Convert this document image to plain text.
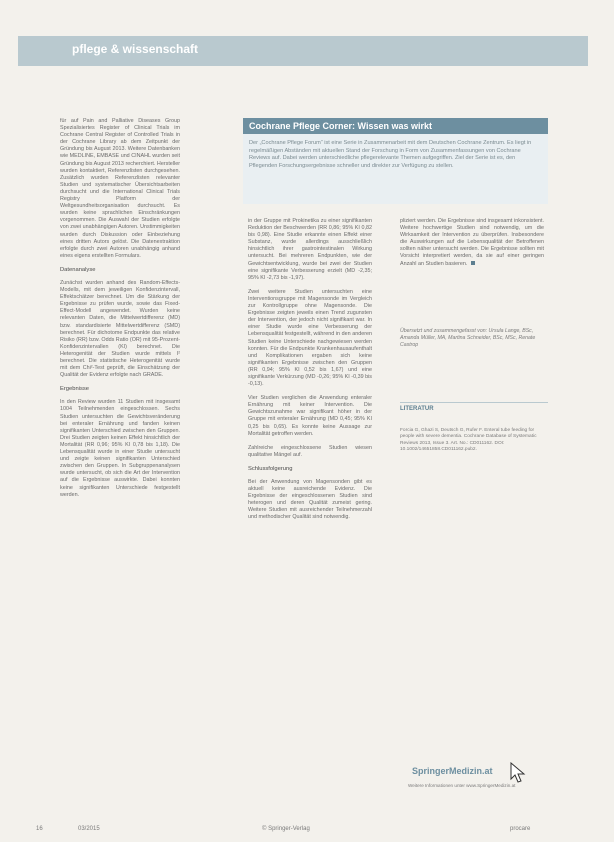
pflege & wissenschaft

für auf Pain and Palliative Diseases Group Spezialisiertes Register of Clinical Trials im Cochrane Central Register of Controlled Trials in der Cochrane Library ab dem Zeitpunkt der Gründung bis August 2013. Weitere Datenbanken wie MEDLINE, EMBASE und CINAHL wurden seit Gründung bis August 2013 recherchiert. Hersteller wurden kontaktiert, Referenzlisten durchgesehen. Zusätzlich wurden Referenzlisten relevanter Studien und systematischer Übersichtsarbeiten durchsucht und die International Clinical Trials Registry Platform der Weltgesundheitsorganisation durchsucht. Es wurden keine sprachlichen Einschränkungen vorgenommen. Die Auswahl der Studien erfolgte von zwei unabhängigen Autoren. Unstimmigkeiten wurden durch Diskussion oder Einbeziehung eines dritten Autors gelöst. Die Datenextraktion erfolgte durch zwei Autoren unabhängig anhand eines eigens erstellten Formulars.

Datenanalyse

Zunächst wurden anhand des Random-Effects-Modells, mit dem jeweiligen Konfidenzintervall, Effektschätzer berechnet. Um die Stärkung der Ergebnisse zu prüfen wurde, sowie das Fixed-Effect-Modell angewendet. Wurden keine relevanten Daten, die Mittelwertdifferenz (MD) bzw. standardisierte Mittelwertdifferenz (SMD) berechnet. Für dichotome Endpunkte das relative Risiko (RR) bzw. Odds Ratio (OR) mit 95-Prozent-Konfidenzintervallen (KI) berechnet. Die Heterogenität der Studien wurde mittels I² berechnet. Die statistische Heterogenität wurde mit dem Chi²-Test geprüft, die Einschätzung der Qualität der Evidenz erfolgte nach GRADE.

Ergebnisse

In den Review wurden 11 Studien mit insgesamt 1004 Teilnehmenden eingeschlossen. Sechs Studien untersuchten die Gewichtsveränderung bei enteraler Ernährung und fanden keinen signifikanten Unterschied zwischen den Gruppen. Drei Studien zeigten keinen Effekt hinsichtlich der Mortalität (RR 0,96; 95% KI 0,78 bis 1,18). Die Lebensqualität wurde in einer Studie untersucht und zeigte keinen signifikanten Unterschied zwischen den Gruppen. In Subgruppenanalysen wurde untersucht, ob sich die Art der Intervention auf die Ergebnisse auswirkte. Dabei konnten keine signifikanten Unterschiede festgestellt werden.

Cochrane Pflege Corner: Wissen was wirkt
Der „Cochrane Pflege Forum“ ist eine Serie in Zusammenarbeit mit dem Deutschen Cochrane Zentrum. Es liegt in regelmäßigen Abständen mit aktuellen Stand der Forschung in Form von Zusammenfassungen von Cochrane Reviews auf. Dabei werden unterschiedliche pflegerelevante Themen aufgegriffen. Ziel der Serie ist es, den Pflegenden Forschungsergebnisse schneller und direkter zur Verfügung zu stellen.

in der Gruppe mit Prokinetika zu einer signifikanten Reduktion der Beschwerden (RR 0,86; 95% KI 0,82 bis 0,98). Eine Studie erkannte einen Effekt einer Substanz, wurde allerdings ausschließlich hinsichtlich ihrer gastrointestinalen Wirkung untersucht. Bei mehreren Endpunkten, wie der Gewichtsentwicklung, wurde bei zwei der Studien eine signifikante Verbesserung erzielt (MD -2,35; 95% KI -2,73 bis -1,97).

Zwei weitere Studien untersuchten eine Interventionsgruppe mit Magensonde im Vergleich zur Kontrollgruppe ohne Magensonde. Die Ergebnisse zeigten jeweils einen Trend zugunsten der Intervention, der jedoch nicht signifikant war. In einer Studie wurde eine Verbesserung der Lebensqualität festgestellt, während in den anderen Studien keine Unterschiede nachgewiesen werden konnten. Für die Endpunkte Krankenhausaufenthalt und Komplikationen ergaben sich keine signifikanten Ergebnisse zwischen den Gruppen (RR 0,94; 95% KI 0,52 bis 1,67) und eine signifikante Verkürzung (MD -0,26; 95% KI -0,39 bis -0,13).

Vier Studien verglichen die Anwendung enteraler Ernährung mit keiner Intervention. Die Gewichtszunahme war signifikant höher in der Gruppe mit enteraler Ernährung (MD 0,45; 95% KI 0,25 bis 0,65). Es konnte keine Aussage zur Mortalität getroffen werden.

Zahlreiche eingeschlossene Studien wiesen qualitative Mängel auf.

Schlussfolgerung

Bei der Anwendung von Magensonden gibt es aktuell keine ausreichende Evidenz. Die Ergebnisse der eingeschlossenen Studien sind heterogen und deren Qualität zumeist gering. Weitere Studien mit ausreichender Teilnehmerzahl und methodischer Qualität sind notwendig.

pliziert werden. Die Ergebnisse sind insgesamt inkonsistent. Weitere hochwertige Studien sind notwendig, um die Wirksamkeit der Intervention zu überprüfen. Insbesondere die Auswirkungen auf die Lebensqualität der Betroffenen sollten näher untersucht werden. Die Ergebnisse sollten mit Vorsicht interpretiert werden, da sie auf einer geringen Anzahl an Studien basieren.

Übersetzt und zusammengefasst von: Ursula Lange, BSc, Amanda Müller, MA, Martina Schneider, BSc, MSc, Renate Castrop
LITERATUR
Forcia G, Ghazi S, Deutsch G, Rufer F. Enteral tube feeding for people with severe dementia. Cochrane Database of Systematic Reviews 2013, Issue 3. Art. No.: CD011162. DOI: 10.1002/14651858.CD011162.pub2.
SpringerMedizin.at
Weitere Informationen unter www.SpringerMedizin.at
16	03/2015	© Springer-Verlag	procare
